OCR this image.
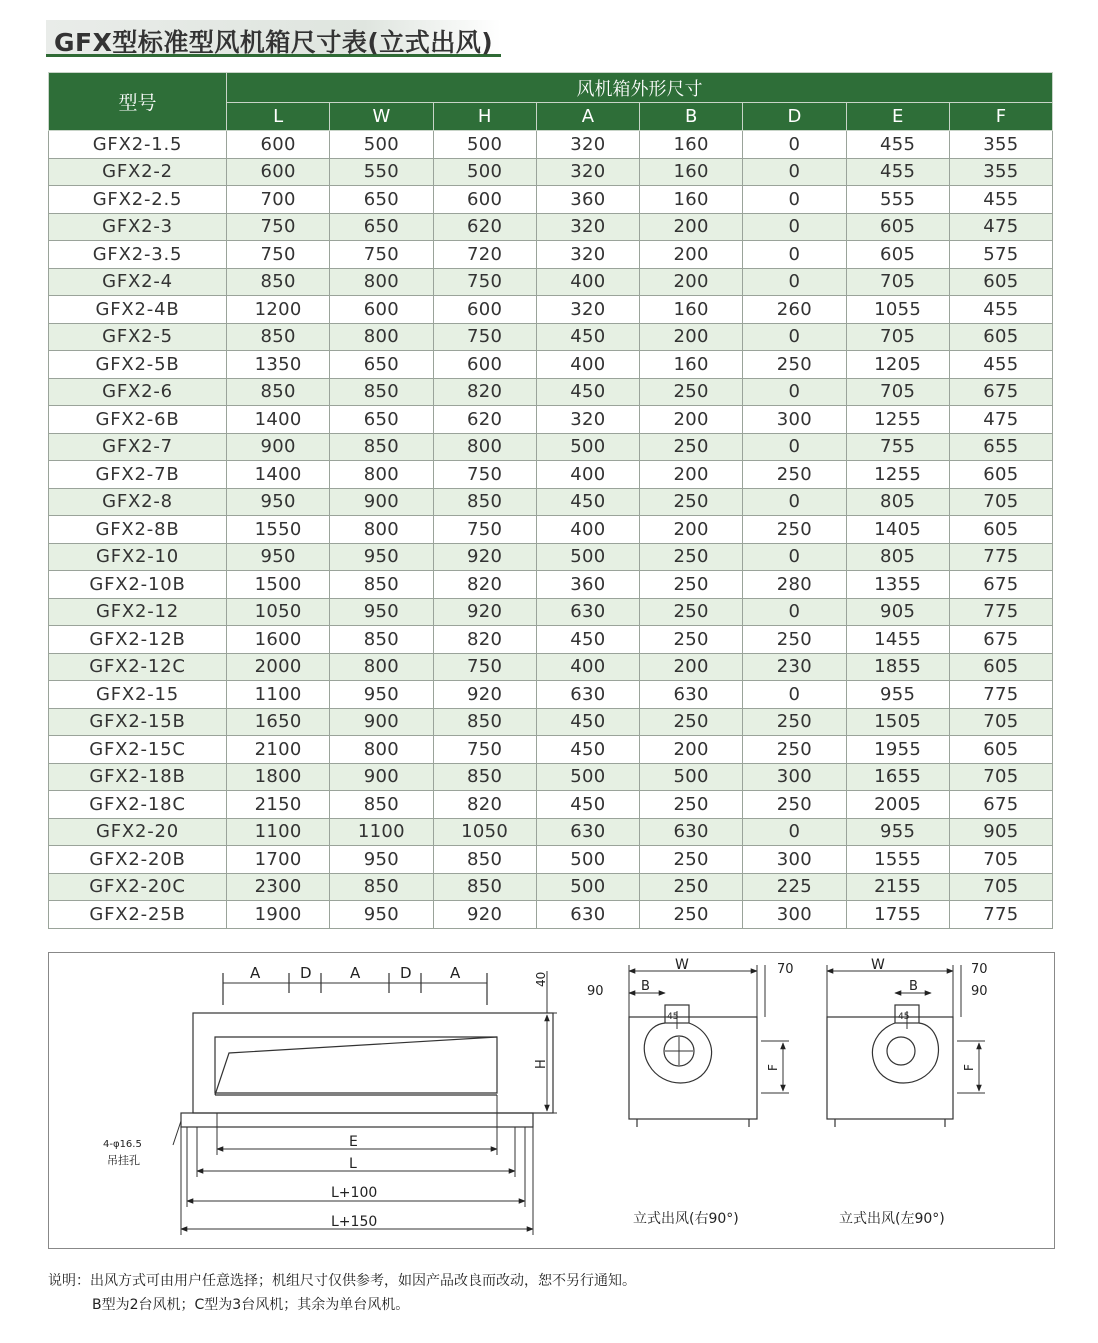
GFX型标准型风机箱尺寸表(立式出风)
型号	风机箱外形尺寸							
	L	W	H	A	B	D	E	F
GFX2-1.5	600	500	500	320	160	0	455	355
GFX2-2	600	550	500	320	160	0	455	355
GFX2-2.5	700	650	600	360	160	0	555	455
GFX2-3	750	650	620	320	200	0	605	475
GFX2-3.5	750	750	720	320	200	0	605	575
GFX2-4	850	800	750	400	200	0	705	605
GFX2-4B	1200	600	600	320	160	260	1055	455
GFX2-5	850	800	750	450	200	0	705	605
GFX2-5B	1350	650	600	400	160	250	1205	455
GFX2-6	850	850	820	450	250	0	705	675
GFX2-6B	1400	650	620	320	200	300	1255	475
GFX2-7	900	850	800	500	250	0	755	655
GFX2-7B	1400	800	750	400	200	250	1255	605
GFX2-8	950	900	850	450	250	0	805	705
GFX2-8B	1550	800	750	400	200	250	1405	605
GFX2-10	950	950	920	500	250	0	805	775
GFX2-10B	1500	850	820	360	250	280	1355	675
GFX2-12	1050	950	920	630	250	0	905	775
GFX2-12B	1600	850	820	450	250	250	1455	675
GFX2-12C	2000	800	750	400	200	230	1855	605
GFX2-15	1100	950	920	630	630	0	955	775
GFX2-15B	1650	900	850	450	250	250	1505	705
GFX2-15C	2100	800	750	450	200	250	1955	605
GFX2-18B	1800	900	850	500	500	300	1655	705
GFX2-18C	2150	850	820	450	250	250	2005	675
GFX2-20	1100	1100	1050	630	630	0	955	905
GFX2-20B	1700	950	850	500	250	300	1555	705
GFX2-20C	2300	850	850	500	250	225	2155	705
GFX2-25B	1900	950	920	630	250	300	1755	775
A	D	A	D	A	40
H
4-φ16.5
吊挂孔
E
L
L+100
L+150
W	70
90	B
45
F
立式出风(右90°)
W	70
90
B
45
F
立式出风(左90°)
说明：出风方式可由用户任意选择；机组尺寸仅供参考，如因产品改良而改动，恕不另行通知。
B型为2台风机；C型为3台风机；其余为单台风机。
